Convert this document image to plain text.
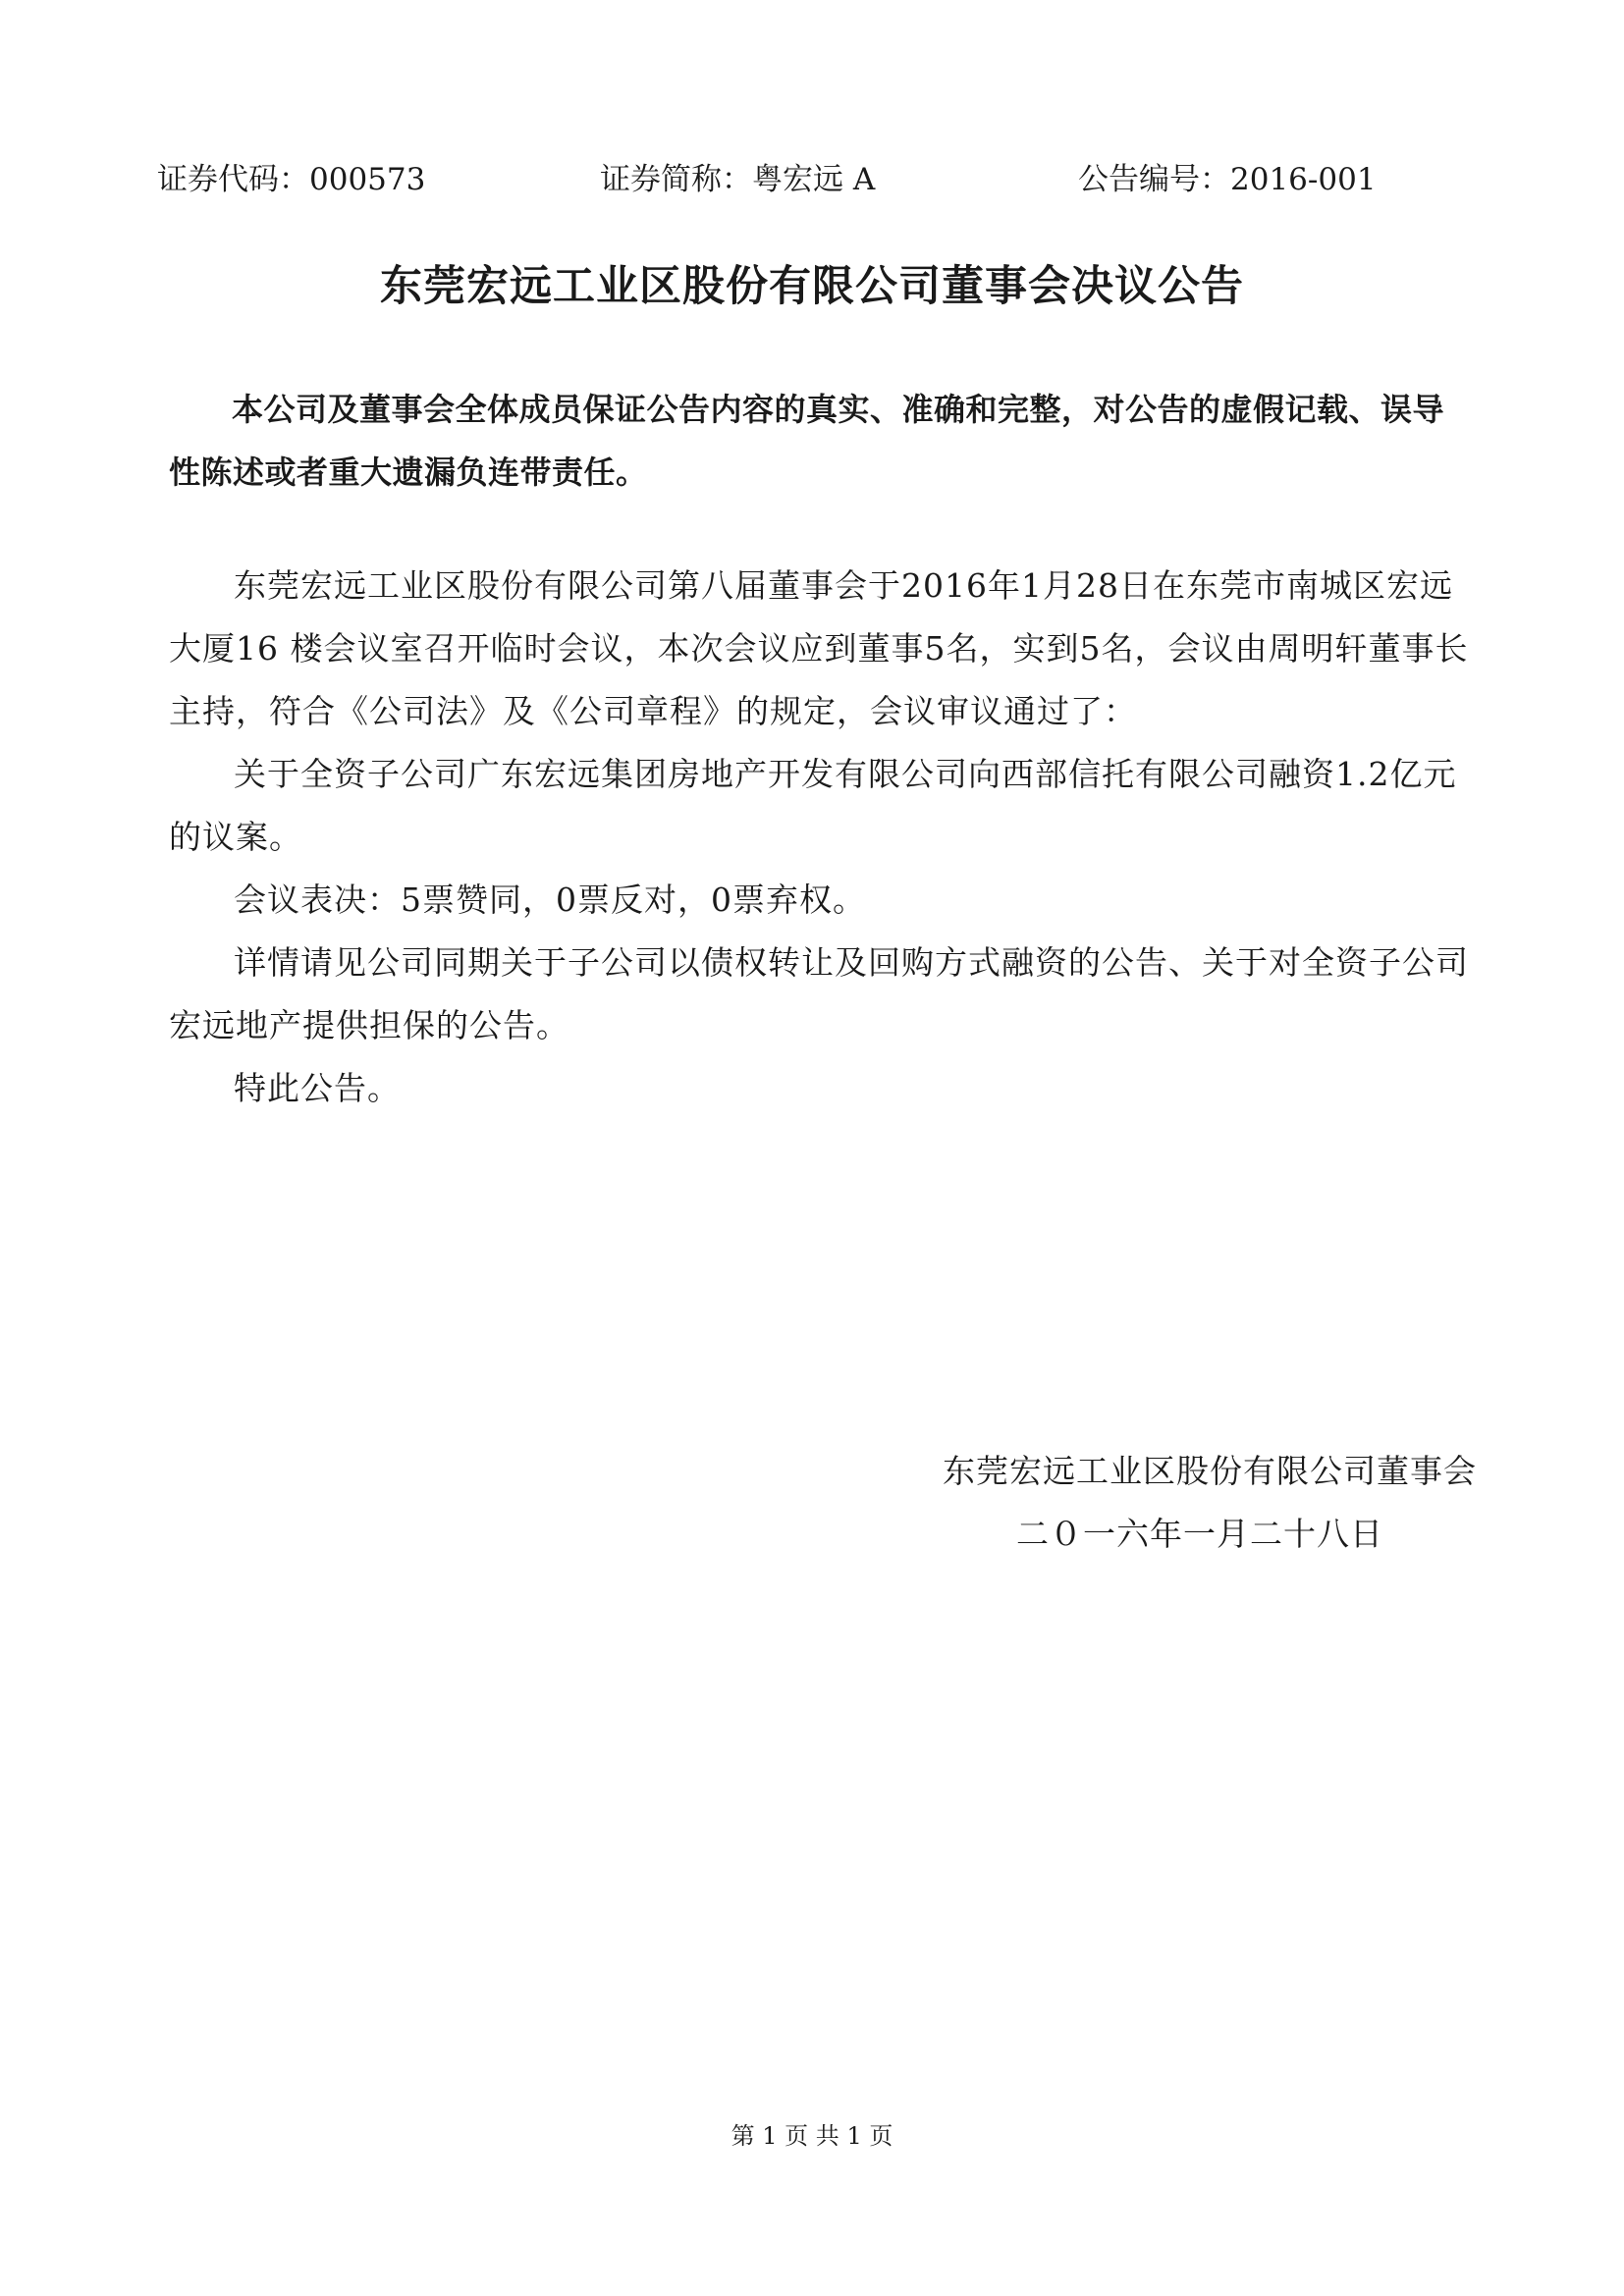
证券代码：000573	证券简称：粤宏远 A	公告编号：2016-001
东莞宏远工业区股份有限公司董事会决议公告

本公司及董事会全体成员保证公告内容的真实、准确和完整，对公告的虚假记载、误导性陈述或者重大遗漏负连带责任。

东莞宏远工业区股份有限公司第八届董事会于2016年1月28日在东莞市南城区宏远大厦16 楼会议室召开临时会议，本次会议应到董事5名，实到5名，会议由周明轩董事长主持，符合《公司法》及《公司章程》的规定，会议审议通过了：

关于全资子公司广东宏远集团房地产开发有限公司向西部信托有限公司融资1.2亿元的议案。

会议表决：5票赞同，0票反对，0票弃权。

详情请见公司同期关于子公司以债权转让及回购方式融资的公告、关于对全资子公司宏远地产提供担保的公告。

特此公告。

东莞宏远工业区股份有限公司董事会
二０一六年一月二十八日
第 1 页 共 1 页
